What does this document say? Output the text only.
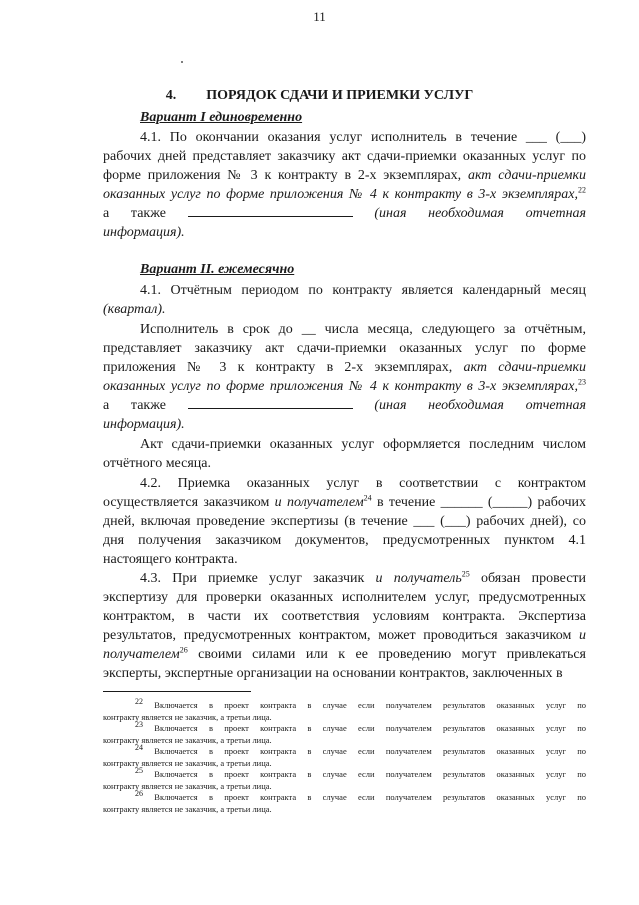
11
4. ПОРЯДОК СДАЧИ И ПРИЕМКИ УСЛУГ
Вариант I единовременно
4.1. По окончании оказания услуг исполнитель в течение ___ (___)
рабочих дней представляет заказчику акт сдачи-приемки оказанных услуг по
форме приложения № 3 к контракту в 2-х экземплярах, акт сдачи-приемки
оказанных услуг по форме приложения № 4 к контракту в 3-х экземплярах,$^{22}$
а также	(иная необходимая отчетная
информация).
Вариант II. ежемесячно
4.1. Отчётным периодом по контракту является календарный месяц
(квартал).
Исполнитель в срок до __ числа месяца, следующего за отчётным,
представляет заказчику акт сдачи-приемки оказанных услуг по форме
приложения № 3 к контракту в 2-х экземплярах, акт сдачи-приемки
оказанных услуг по форме приложения № 4 к контракту в 3-х экземплярах,$^{23}$
а также	(иная необходимая отчетная
информация).
Акт сдачи-приемки оказанных услуг оформляется последним числом
отчётного месяца.
4.2. Приемка оказанных услуг в соответствии с контрактом
осуществляется заказчиком и получателем$^{24}$ в течение ______ (_____) рабочих
дней, включая проведение экспертизы (в течение ___ (___) рабочих дней), со
дня получения заказчиком документов, предусмотренных пунктом 4.1
настоящего контракта.
4.3. При приемке услуг заказчик и получатель$^{25}$ обязан провести
экспертизу для проверки оказанных исполнителем услуг, предусмотренных
контрактом, в части их соответствия условиям контракта. Экспертиза
результатов, предусмотренных контрактом, может проводиться заказчиком и
получателем$^{26}$ своими силами или к ее проведению могут привлекаться
эксперты, экспертные организации на основании контрактов, заключенных в
$^{22}$ Включается в проект контракта в случае если получателем результатов оказанных услуг по
контракту является не заказчик, а третьи лица.
$^{23}$ Включается в проект контракта в случае если получателем результатов оказанных услуг по
контракту является не заказчик, а третьи лица.
$^{24}$ Включается в проект контракта в случае если получателем результатов оказанных услуг по
контракту является не заказчик, а третьи лица.
$^{25}$ Включается в проект контракта в случае если получателем результатов оказанных услуг по
контракту является не заказчик, а третьи лица.
$^{26}$ Включается в проект контракта в случае если получателем результатов оказанных услуг по
контракту является не заказчик, а третьи лица.
